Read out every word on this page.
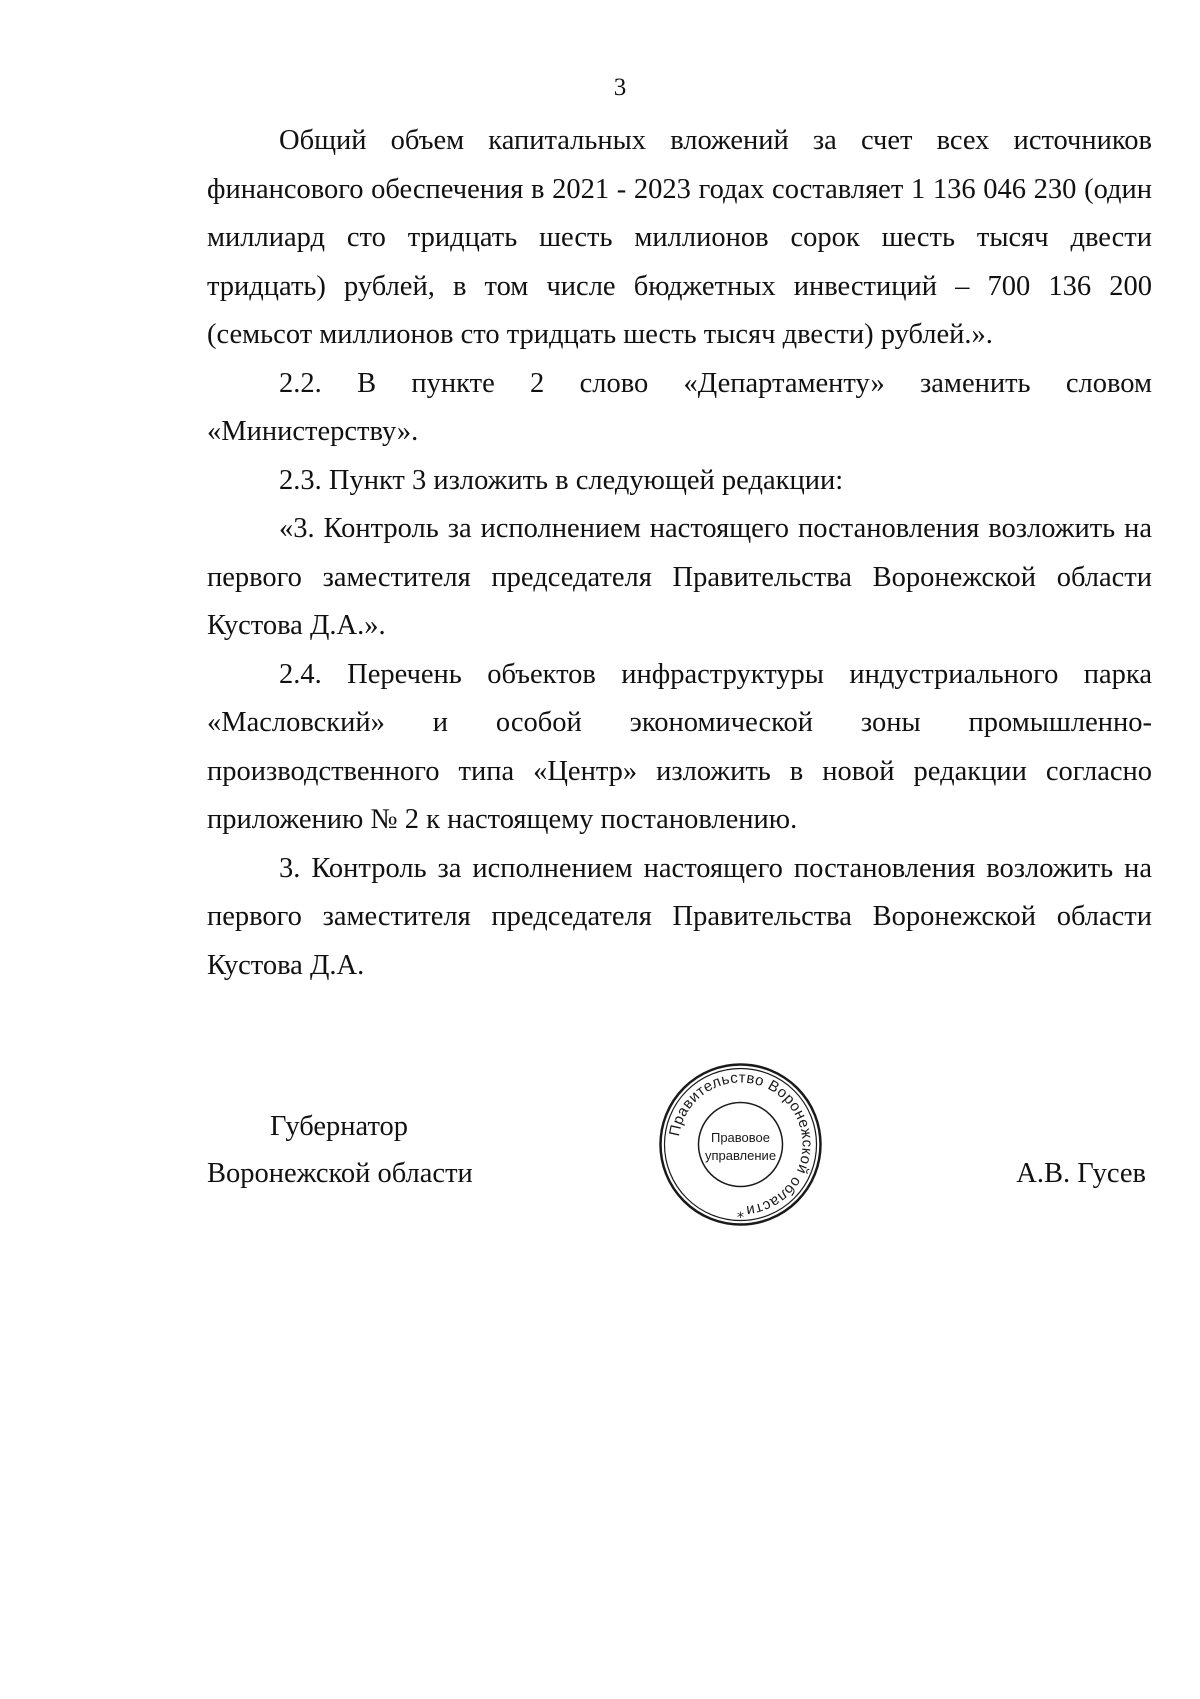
3

Общий объем капитальных вложений за счет всех источников финансового обеспечения в 2021 - 2023 годах составляет 1 136 046 230 (один миллиард сто тридцать шесть миллионов сорок шесть тысяч двести тридцать) рублей, в том числе бюджетных инвестиций – 700 136 200 (семьсот миллионов сто тридцать шесть тысяч двести) рублей.».

2.2. В пункте 2 слово «Департаменту» заменить словом «Министерству».

2.3. Пункт 3 изложить в следующей редакции:

«3. Контроль за исполнением настоящего постановления возложить на первого заместителя председателя Правительства Воронежской области Кустова Д.А.».

2.4. Перечень объектов инфраструктуры индустриального парка «Масловский» и особой экономической зоны промышленно-производственного типа «Центр» изложить в новой редакции согласно приложению № 2 к настоящему постановлению.

3. Контроль за исполнением настоящего постановления возложить на первого заместителя председателя Правительства Воронежской области Кустова Д.А.

Губернатор
Воронежской области
Правительство Воронежской области
Правовое
управление
*
А.В. Гусев
